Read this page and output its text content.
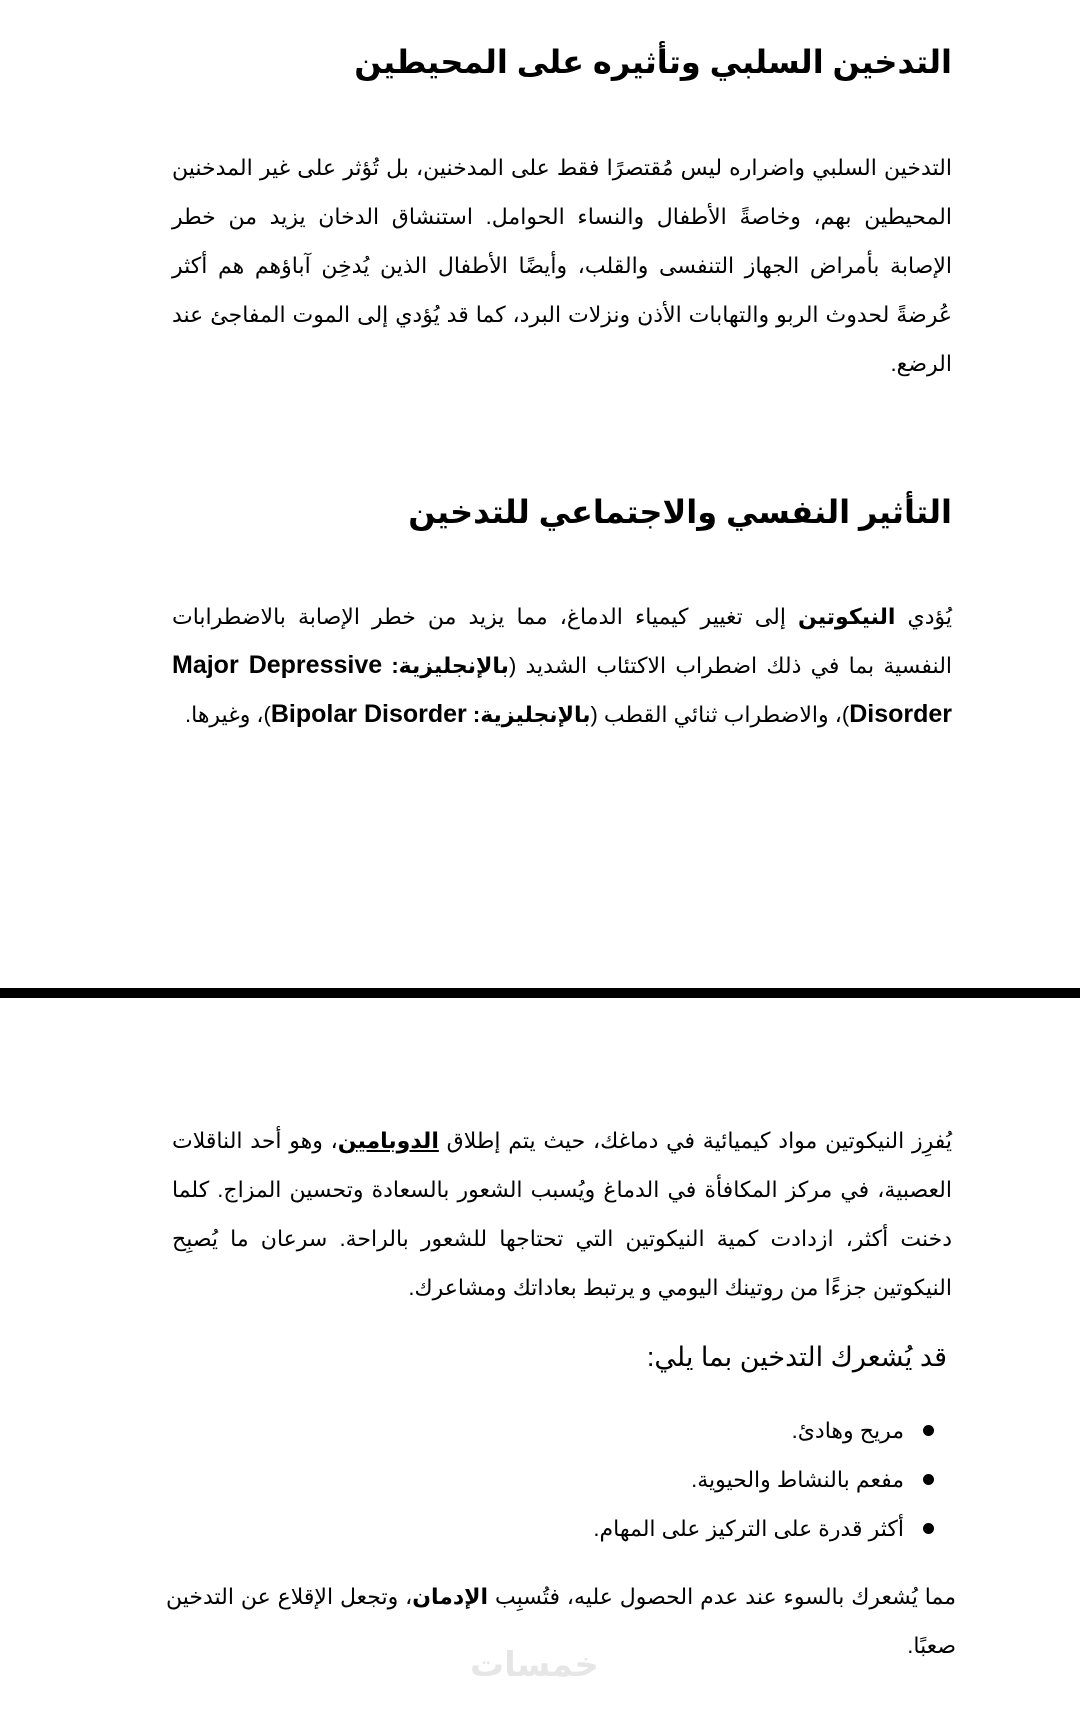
التدخين السلبي وتأثيره على المحيطين

التدخين السلبي واضراره ليس مُقتصرًا فقط على المدخنين، بل تُؤثر على غير المدخنين المحيطين بهم، وخاصةً الأطفال والنساء الحوامل. استنشاق الدخان يزيد من خطر الإصابة بأمراض الجهاز التنفسى والقلب، وأيضًا الأطفال الذين يُدخِن آباؤهم هم أكثر عُرضةً لحدوث الربو والتهابات الأذن ونزلات البرد، كما قد يُؤدي إلى الموت المفاجئ عند الرضع.

التأثير النفسي والاجتماعي للتدخين

يُؤدي النيكوتين إلى تغيير كيمياء الدماغ، مما يزيد من خطر الإصابة بالاضطرابات النفسية بما في ذلك اضطراب الاكتئاب الشديد (بالإنجليزية: Major Depressive Disorder)، والاضطراب ثنائي القطب (بالإنجليزية: Bipolar Disorder)، وغيرها.

يُفرِز النيكوتين مواد كيميائية في دماغك، حيث يتم إطلاق الدوبامين، وهو أحد الناقلات العصبية، في مركز المكافأة في الدماغ ويُسبب الشعور بالسعادة وتحسين المزاج. كلما دخنت أكثر، ازدادت كمية النيكوتين التي تحتاجها للشعور بالراحة. سرعان ما يُصبِح النيكوتين جزءًا من روتينك اليومي و يرتبط بعاداتك ومشاعرك.

قد يُشعرك التدخين بما يلي:
مريح وهادئ.
مفعم بالنشاط والحيوية.
أكثر قدرة على التركيز على المهام.

مما يُشعرك بالسوء عند عدم الحصول عليه، فتُسبِب الإدمان، وتجعل الإقلاع عن التدخين صعبًا.

خمسات
